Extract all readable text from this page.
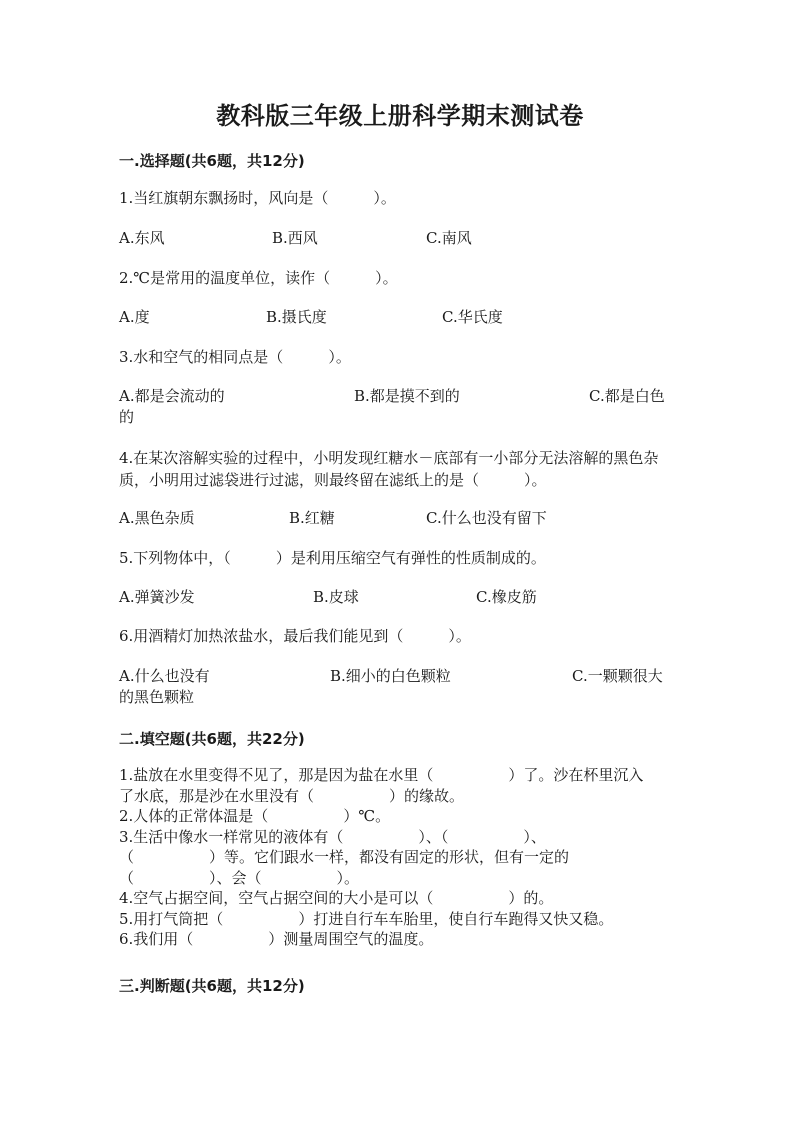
教科版三年级上册科学期末测试卷
一.选择题(共6题，共12分)
1.当红旗朝东飘扬时，风向是（　　　）。
A.东风	B.西风	C.南风
2.℃是常用的温度单位，读作（　　　）。
A.度	B.摄氏度	C.华氏度
3.水和空气的相同点是（　　　）。
A.都是会流动的	B.都是摸不到的	C.都是白色
的
4.在某次溶解实验的过程中，小明发现红糖水－底部有一小部分无法溶解的黑色杂质，小明用过滤袋进行过滤，则最终留在滤纸上的是（　　　）。
A.黑色杂质	B.红糖	C.什么也没有留下
5.下列物体中，（　　　）是利用压缩空气有弹性的性质制成的。
A.弹簧沙发	B.皮球	C.橡皮筋
6.用酒精灯加热浓盐水，最后我们能见到（　　　）。
A.什么也没有	B.细小的白色颗粒	C.一颗颗很大
的黑色颗粒
二.填空题(共6题，共22分)
1.盐放在水里变得不见了，那是因为盐在水里（　　　　　）了。沙在杯里沉入
了水底，那是沙在水里没有（　　　　　）的缘故。
2.人体的正常体温是（　　　　　）℃。
3.生活中像水一样常见的液体有（　　　　　）、（　　　　　）、
（　　　　　）等。它们跟水一样，都没有固定的形状，但有一定的
（　　　　　）、会（　　　　　）。
4.空气占据空间，空气占据空间的大小是可以（　　　　　）的。
5.用打气筒把（　　　　　）打进自行车车胎里，使自行车跑得又快又稳。
6.我们用（　　　　　）测量周围空气的温度。
三.判断题(共6题，共12分)
